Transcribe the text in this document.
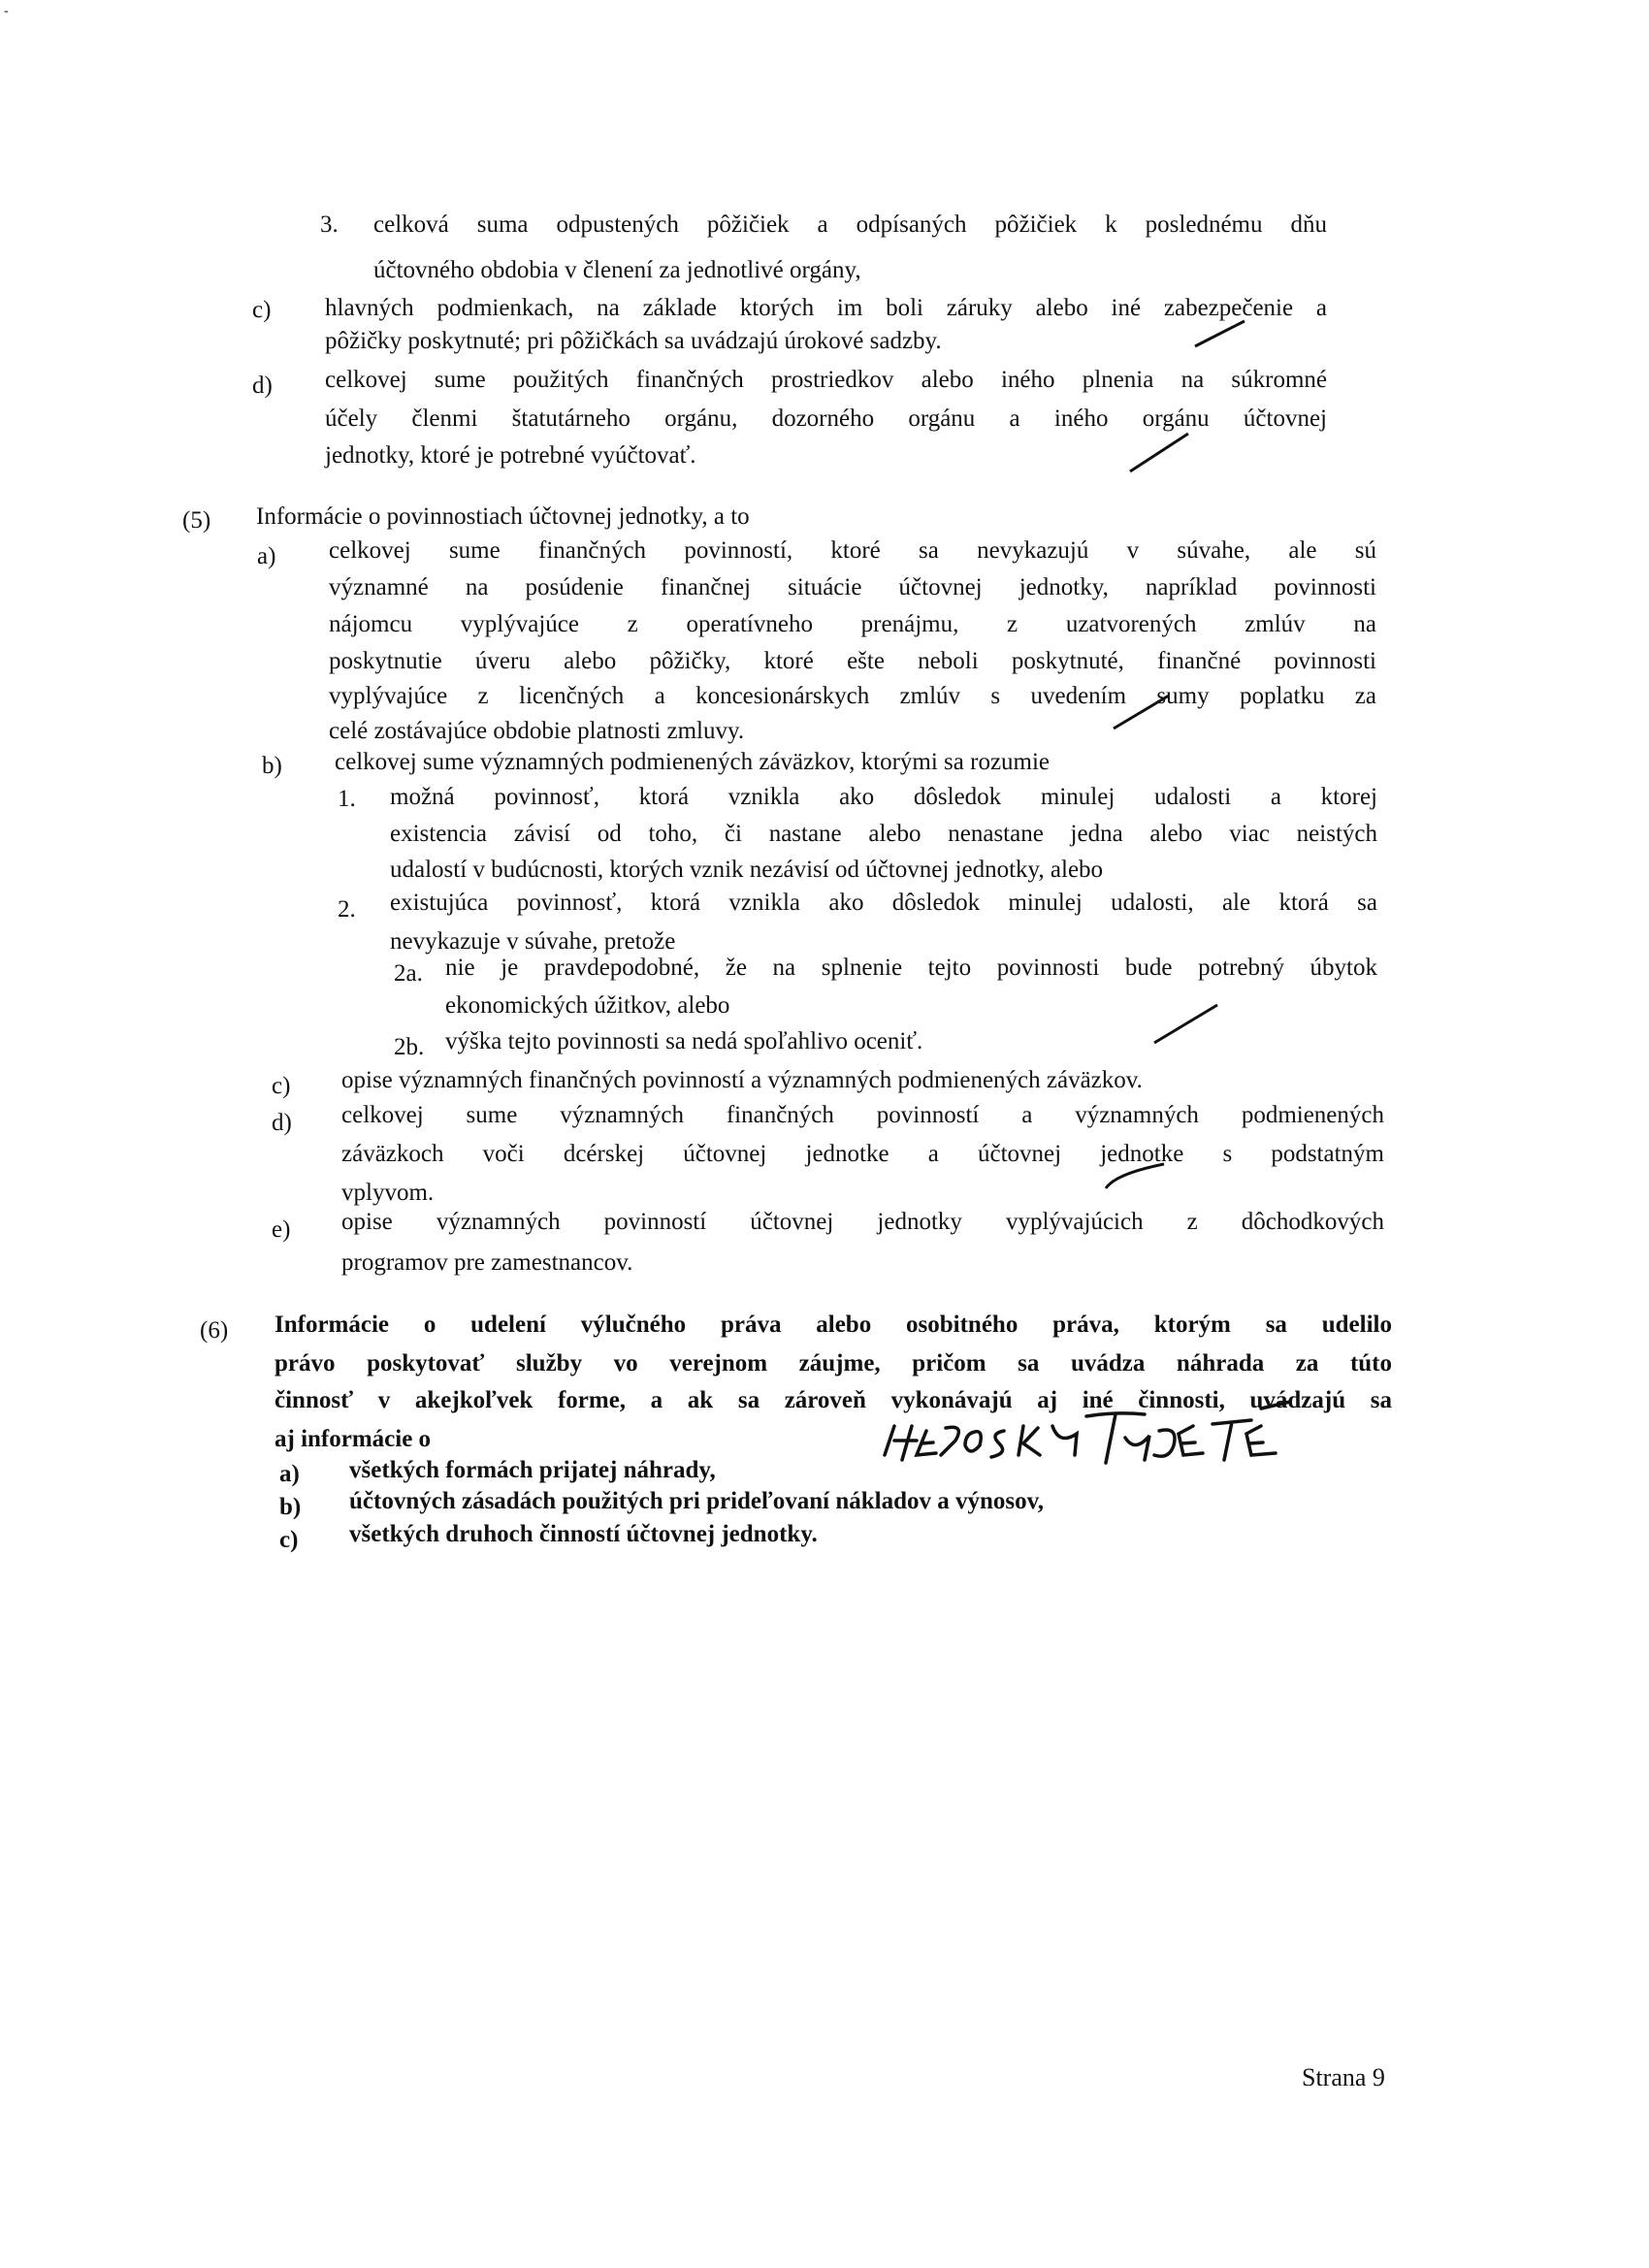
-
3. celková suma odpustených pôžičiek a odpísaných pôžičiek k poslednému dňu
účtovného obdobia v členení za jednotlivé orgány,
c) hlavných podmienkach, na základe ktorých im boli záruky alebo iné zabezpečenie a
pôžičky poskytnuté; pri pôžičkách sa uvádzajú úrokové sadzby.
d) celkovej sume použitých finančných prostriedkov alebo iného plnenia na súkromné
účely členmi štatutárneho orgánu, dozorného orgánu a iného orgánu účtovnej
jednotky, ktoré je potrebné vyúčtovať.
(5) Informácie o povinnostiach účtovnej jednotky, a to
a) celkovej sume finančných povinností, ktoré sa nevykazujú v súvahe, ale sú
významné na posúdenie finančnej situácie účtovnej jednotky, napríklad povinnosti
nájomcu vyplývajúce z operatívneho prenájmu, z uzatvorených zmlúv na
poskytnutie úveru alebo pôžičky, ktoré ešte neboli poskytnuté, finančné povinnosti
vyplývajúce z licenčných a koncesionárskych zmlúv s uvedením sumy poplatku za
celé zostávajúce obdobie platnosti zmluvy.
b) celkovej sume významných podmienených záväzkov, ktorými sa rozumie
1. možná povinnosť, ktorá vznikla ako dôsledok minulej udalosti a ktorej
existencia závisí od toho, či nastane alebo nenastane jedna alebo viac neistých
udalostí v budúcnosti, ktorých vznik nezávisí od účtovnej jednotky, alebo
2. existujúca povinnosť, ktorá vznikla ako dôsledok minulej udalosti, ale ktorá sa
nevykazuje v súvahe, pretože
2a. nie je pravdepodobné, že na splnenie tejto povinnosti bude potrebný úbytok
ekonomických úžitkov, alebo
2b. výška tejto povinnosti sa nedá spoľahlivo oceniť.
c) opise významných finančných povinností a významných podmienených záväzkov.
d) celkovej sume významných finančných povinností a významných podmienených
záväzkoch voči dcérskej účtovnej jednotke a účtovnej jednotke s podstatným
vplyvom.
e) opise významných povinností účtovnej jednotky vyplývajúcich z dôchodkových
programov pre zamestnancov.
(6) Informácie o udelení výlučného práva alebo osobitného práva, ktorým sa udelilo
právo poskytovať služby vo verejnom záujme, pričom sa uvádza náhrada za túto
činnosť v akejkoľvek forme, a ak sa zároveň vykonávajú aj iné činnosti, uvádzajú sa
aj informácie o
a) všetkých formách prijatej náhrady,
b) účtovných zásadách použitých pri prideľovaní nákladov a výnosov,
c) všetkých druhoch činností účtovnej jednotky.
Strana 9
